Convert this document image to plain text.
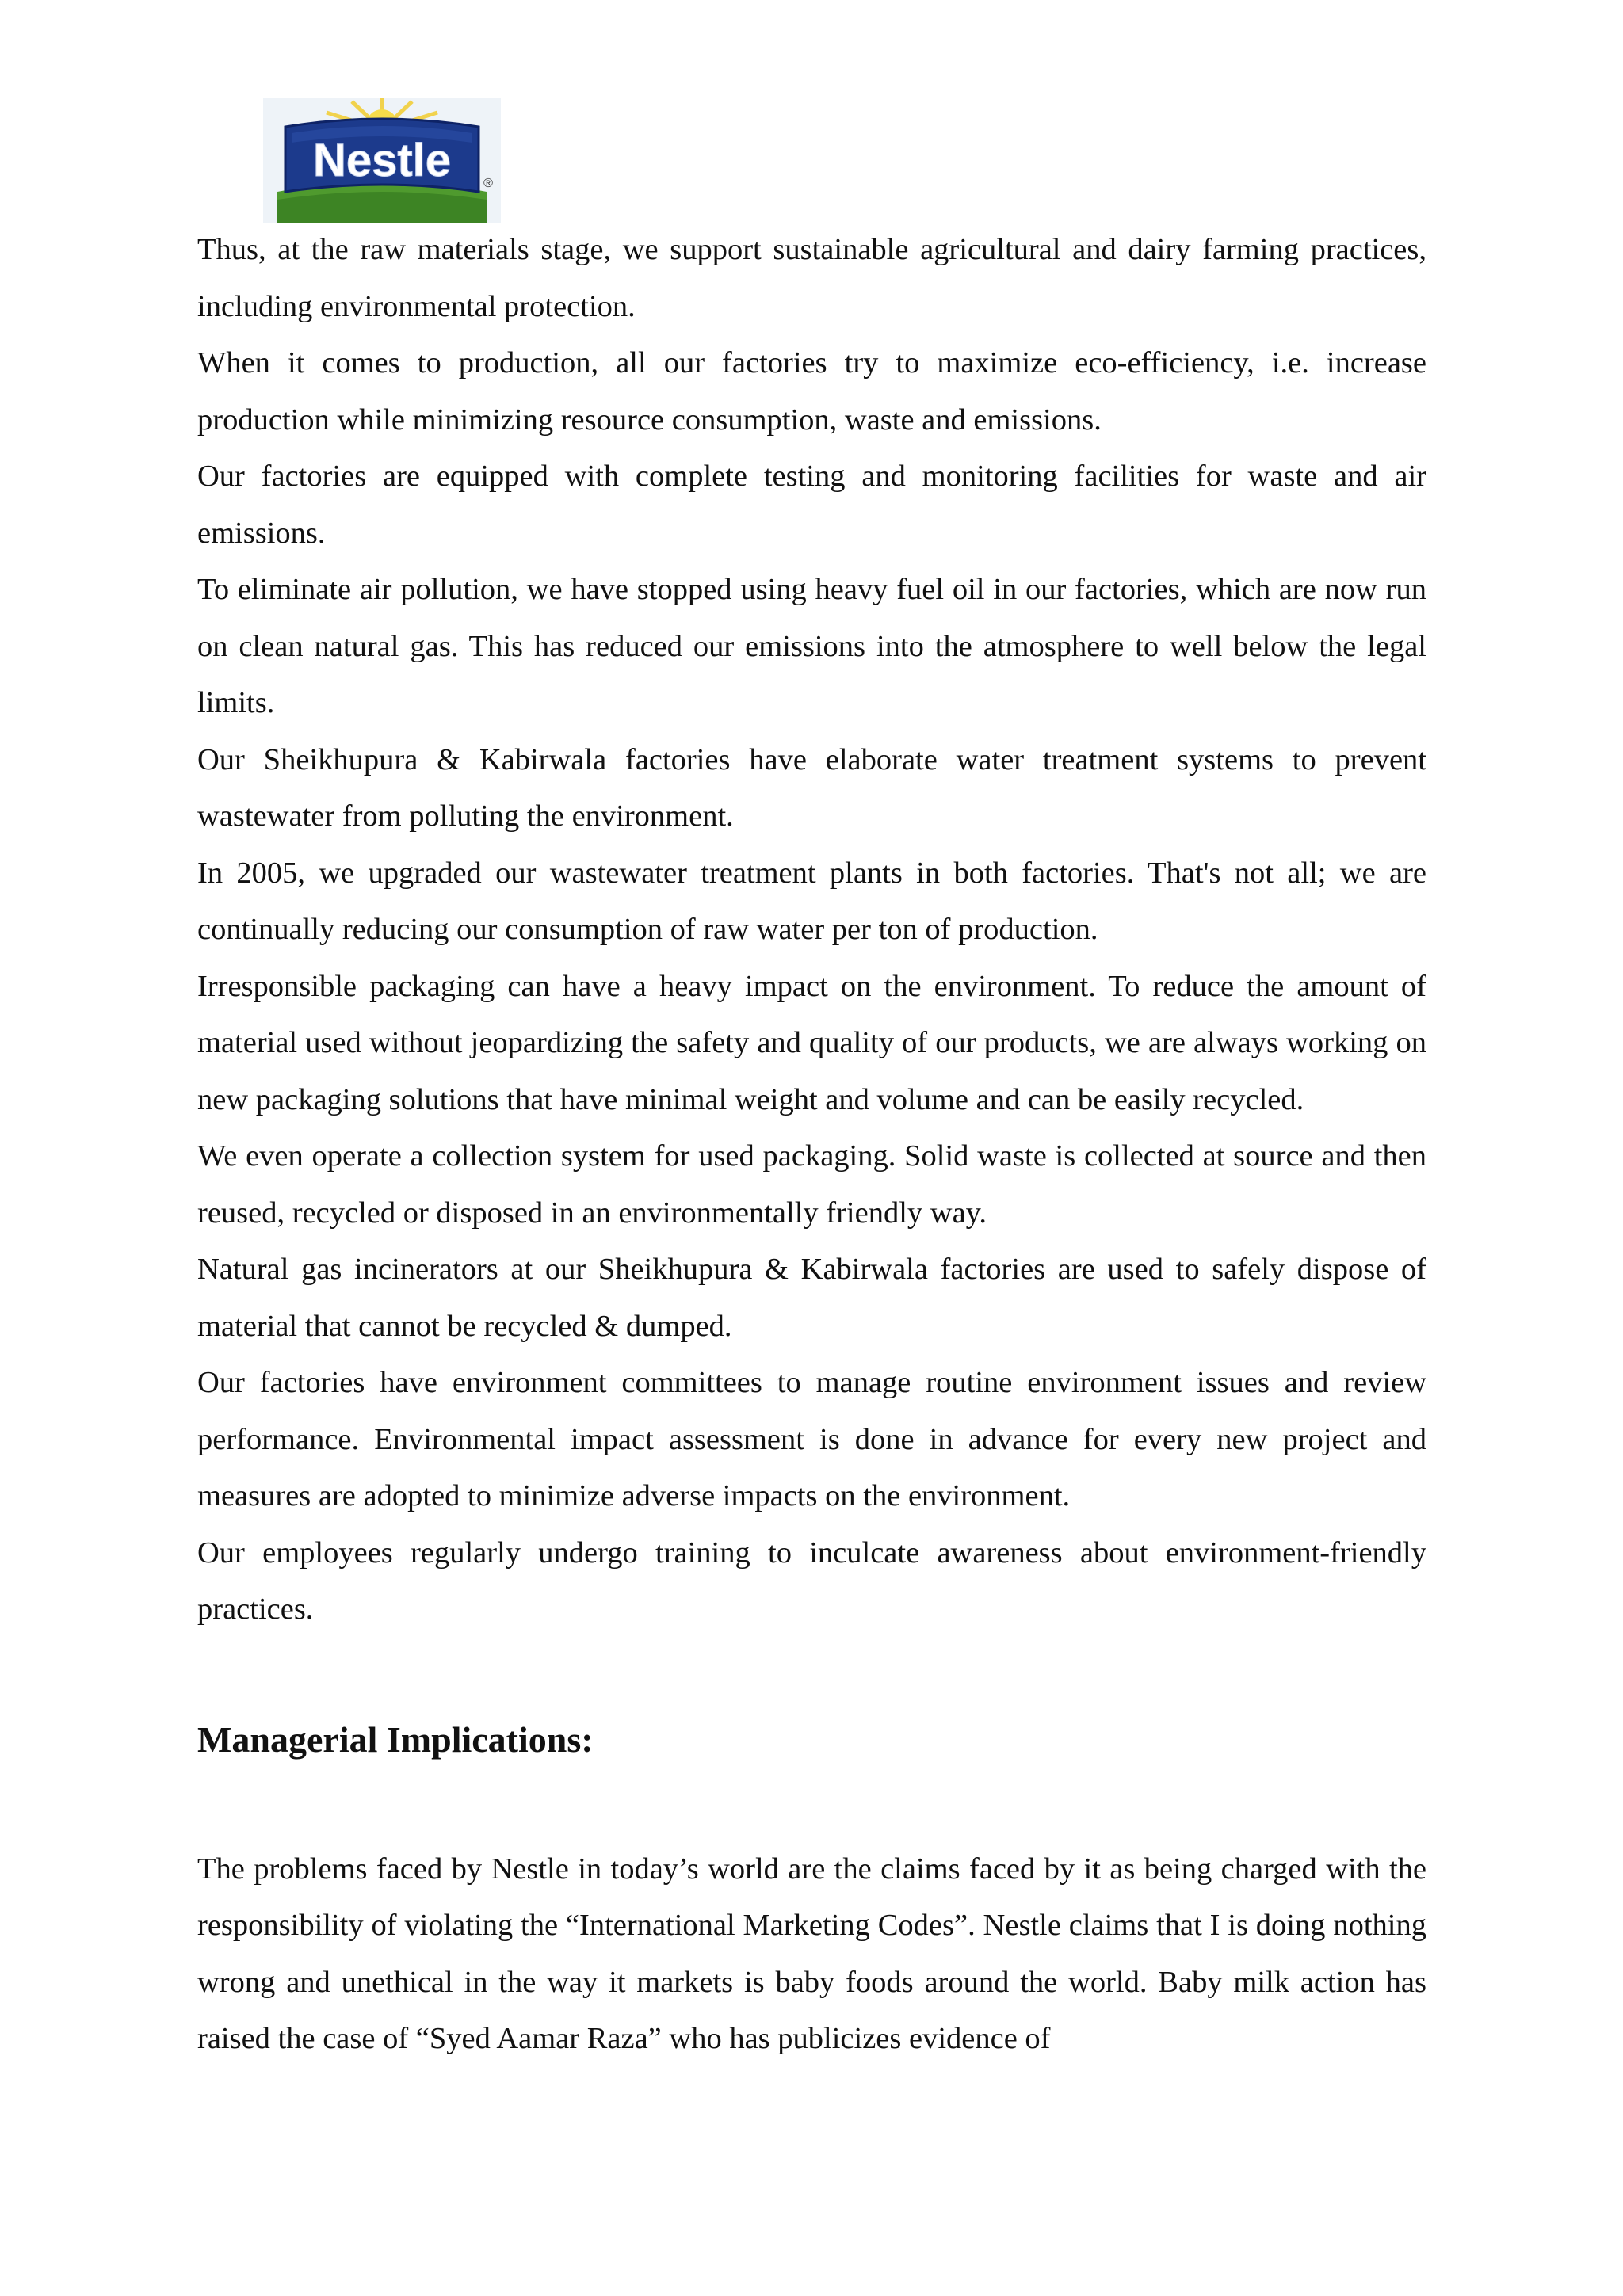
Nestle	®

Thus, at the raw materials stage, we support sustainable agricultural and dairy farming practices, including environmental protection.

When it comes to production, all our factories try to maximize eco-efficiency, i.e. increase production while minimizing resource consumption, waste and emissions.

Our factories are equipped with complete testing and monitoring facilities for waste and air emissions.

To eliminate air pollution, we have stopped using heavy fuel oil in our factories, which are now run on clean natural gas. This has reduced our emissions into the atmosphere to well below the legal limits.

Our Sheikhupura & Kabirwala factories have elaborate water treatment systems to prevent wastewater from polluting the environment.

In 2005, we upgraded our wastewater treatment plants in both factories. That's not all; we are continually reducing our consumption of raw water per ton of production.

Irresponsible packaging can have a heavy impact on the environment. To reduce the amount of material used without jeopardizing the safety and quality of our products, we are always working on new packaging solutions that have minimal weight and volume and can be easily recycled.

We even operate a collection system for used packaging. Solid waste is collected at source and then reused, recycled or disposed in an environmentally friendly way.

Natural gas incinerators at our Sheikhupura & Kabirwala factories are used to safely dispose of material that cannot be recycled & dumped.

Our factories have environment committees to manage routine environment issues and review performance. Environmental impact assessment is done in advance for every new project and measures are adopted to minimize adverse impacts on the environment.

Our employees regularly undergo training to inculcate awareness about environment-friendly practices.

Managerial Implications:

The problems faced by Nestle in today’s world are the claims faced by it as being charged with the responsibility of violating the “International Marketing Codes”. Nestle claims that I is doing nothing wrong and unethical in the way it markets is baby foods around the world. Baby milk action has raised the case of “Syed Aamar Raza” who has publicizes evidence of
